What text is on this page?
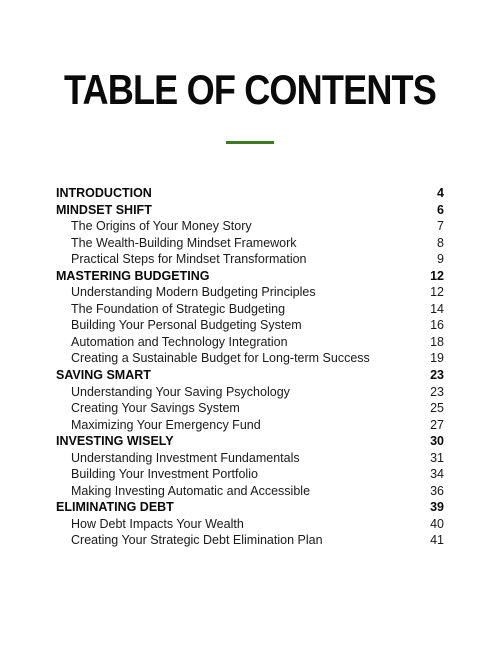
TABLE OF CONTENTS
INTRODUCTION	4
MINDSET SHIFT	6
The Origins of Your Money Story	7
The Wealth-Building Mindset Framework	8
Practical Steps for Mindset Transformation	9
MASTERING BUDGETING	12
Understanding Modern Budgeting Principles	12
The Foundation of Strategic Budgeting	14
Building Your Personal Budgeting System	16
Automation and Technology Integration	18
Creating a Sustainable Budget for Long-term Success	19
SAVING SMART	23
Understanding Your Saving Psychology	23
Creating Your Savings System	25
Maximizing Your Emergency Fund	27
INVESTING WISELY	30
Understanding Investment Fundamentals	31
Building Your Investment Portfolio	34
Making Investing Automatic and Accessible	36
ELIMINATING DEBT	39
How Debt Impacts Your Wealth	40
Creating Your Strategic Debt Elimination Plan	41
